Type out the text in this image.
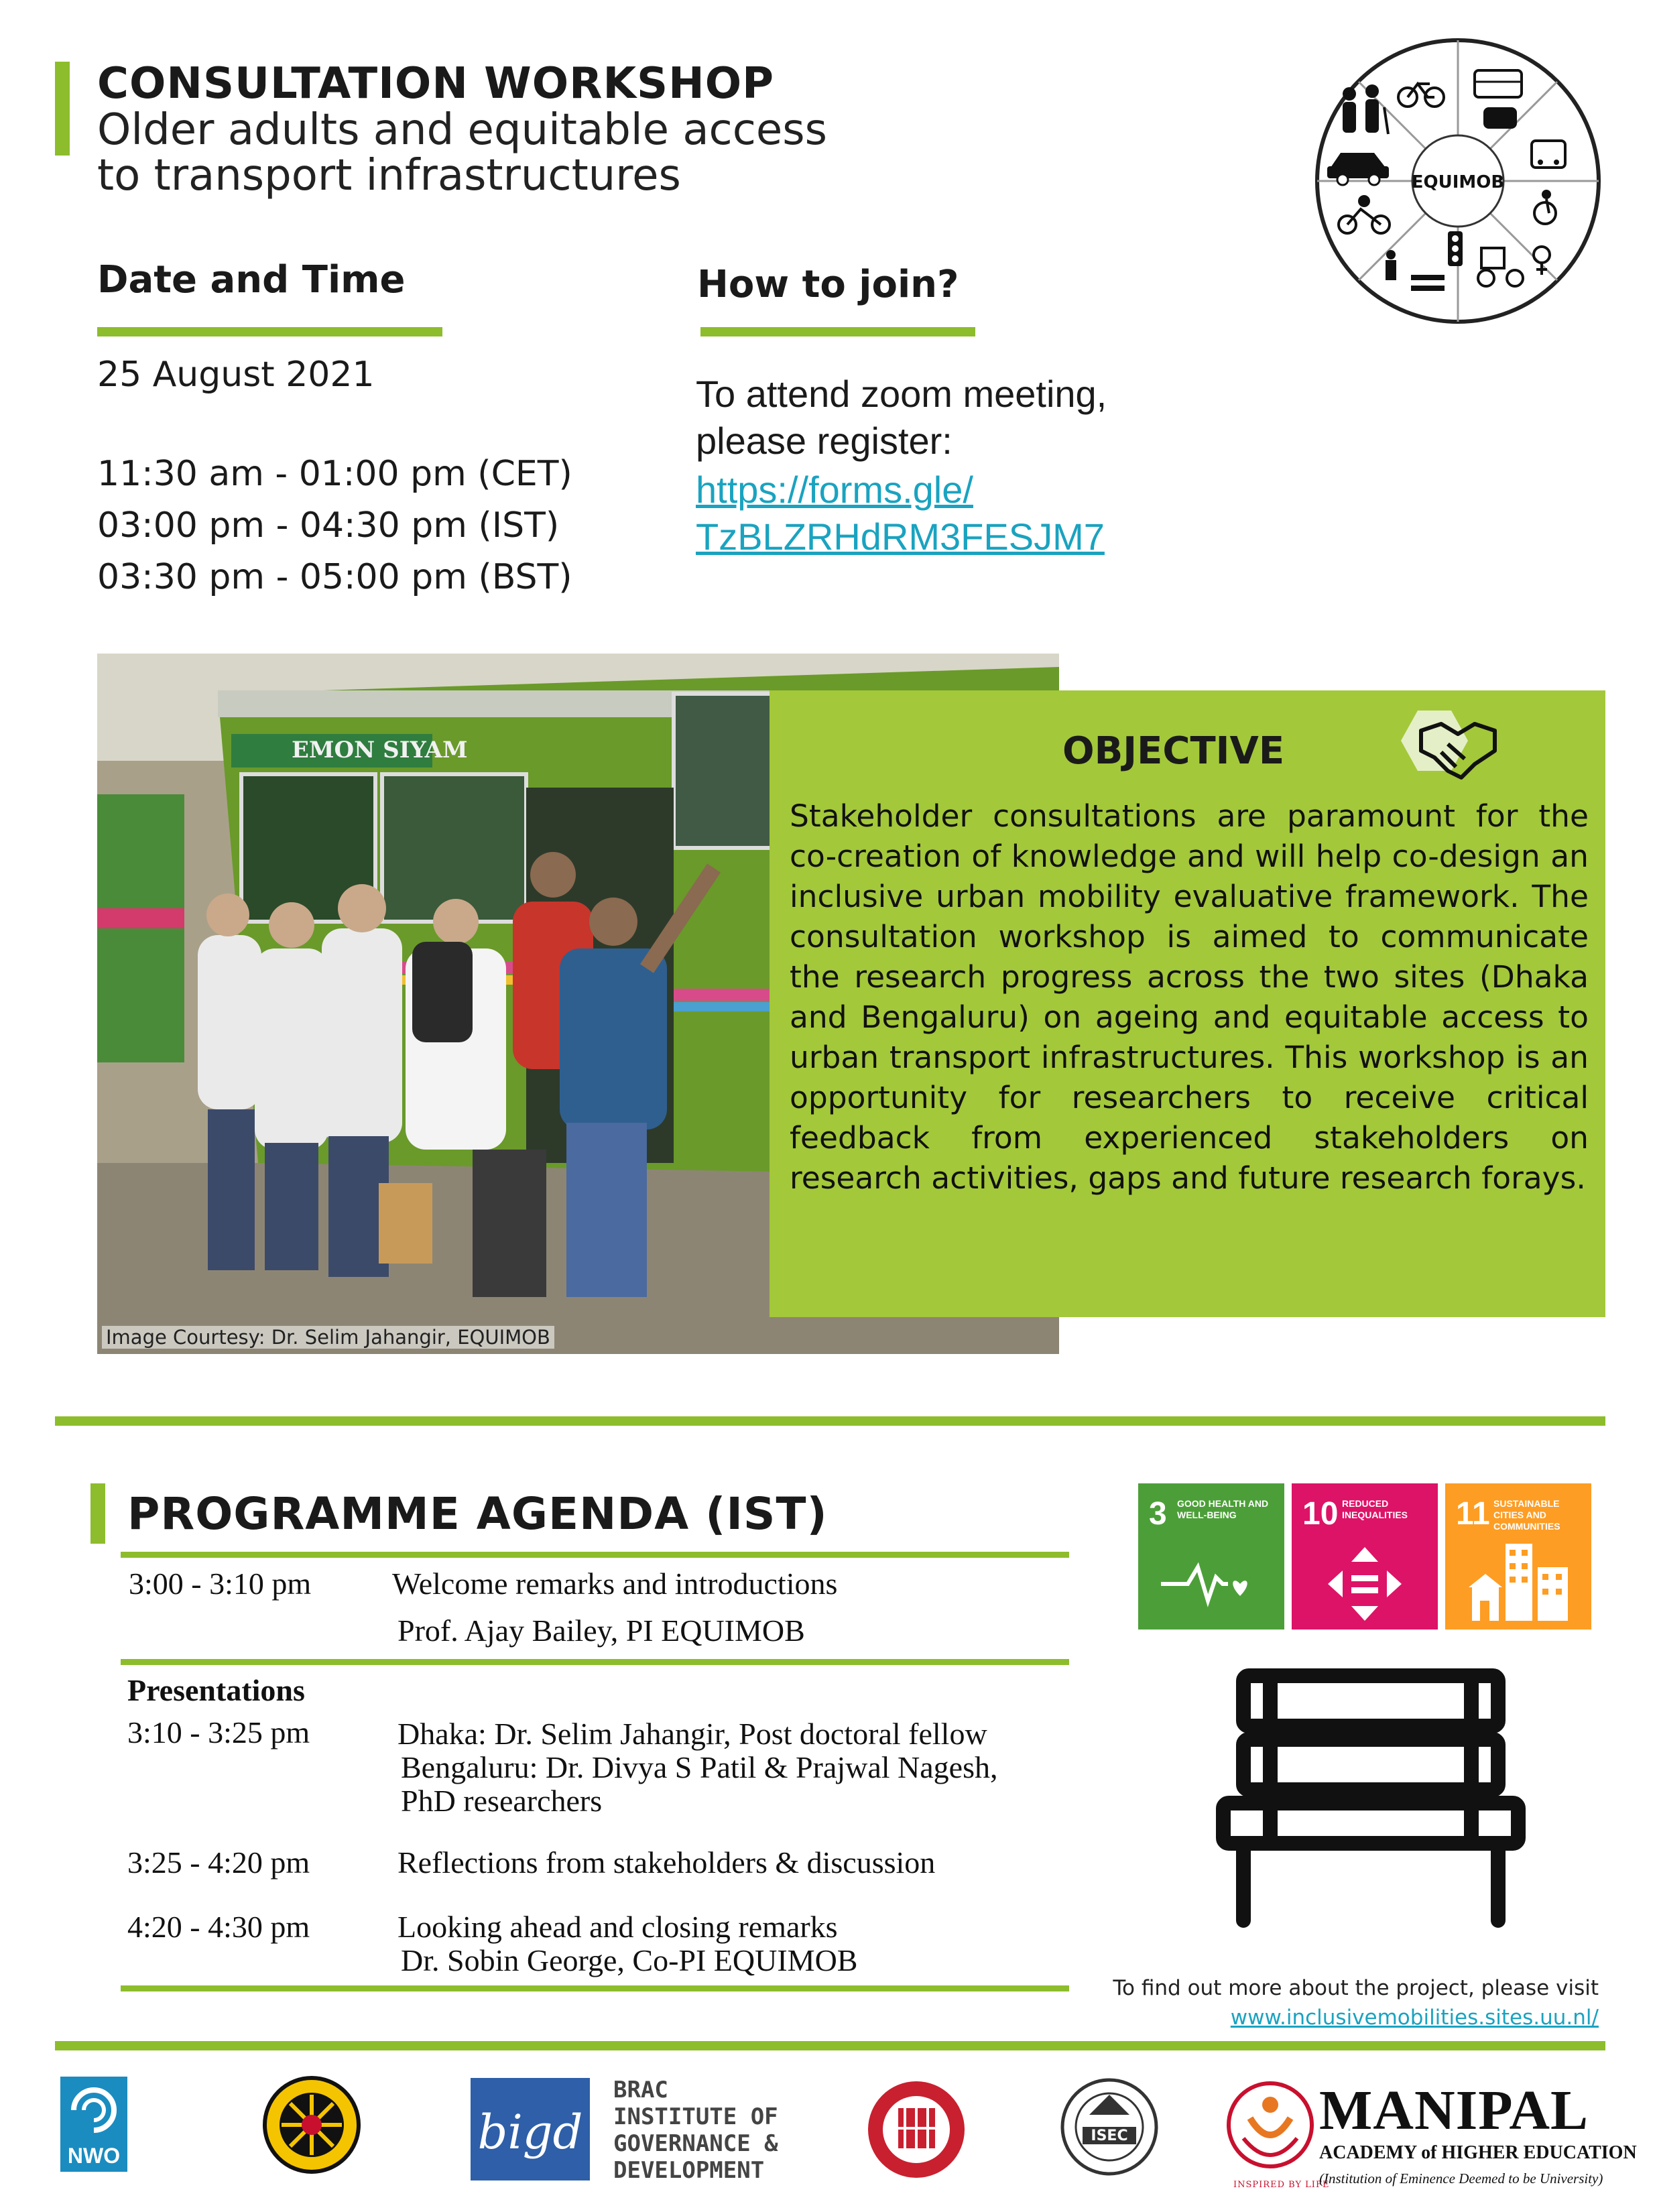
CONSULTATION WORKSHOP
Older adults and equitable access
to transport infrastructures	EQUIMOB
Date and Time
25 August 2021
11:30 am - 01:00 pm (CET)
03:00 pm - 04:30 pm (IST)
03:30 pm - 05:00 pm (BST)
How to join?
To attend zoom meeting,
please register:
https://forms.gle/
TzBLZRHdRM3FESJM7
EMON SIYAM
Image Courtesy: Dr. Selim Jahangir, EQUIMOB
OBJECTIVE
Stakeholder consultations are paramount for the co-creation of knowledge and will help co-design an inclusive urban mobility evaluative framework. The consultation workshop is aimed to communicate the research progress across the two sites (Dhaka and Bengaluru) on ageing and equitable access to urban transport infrastructures. This workshop is an opportunity for researchers to receive critical feedback from experienced stakeholders on research activities, gaps and future research forays.
PROGRAMME AGENDA (IST)
3:00 - 3:10 pm	Welcome remarks and introductions
Prof. Ajay Bailey, PI EQUIMOB
Presentations
3:10 - 3:25 pm	Dhaka: Dr. Selim Jahangir, Post doctoral fellow
Bengaluru: Dr. Divya S Patil & Prajwal Nagesh,
PhD researchers
3:25 - 4:20 pm	Reflections from stakeholders & discussion
4:20 - 4:30 pm	Looking ahead and closing remarks
Dr. Sobin George, Co-PI EQUIMOB
3 GOOD HEALTH AND WELL-BEING	10 REDUCED INEQUALITIES	11 SUSTAINABLE CITIES AND COMMUNITIES
To find out more about the project, please visit
www.inclusivemobilities.sites.uu.nl/
NWO	bigd
BRAC
INSTITUTE OF
GOVERNANCE &
DEVELOPMENT
ISEC
INSPIRED BY LIFE
MANIPAL
ACADEMY of HIGHER EDUCATION
(Institution of Eminence Deemed to be University)
